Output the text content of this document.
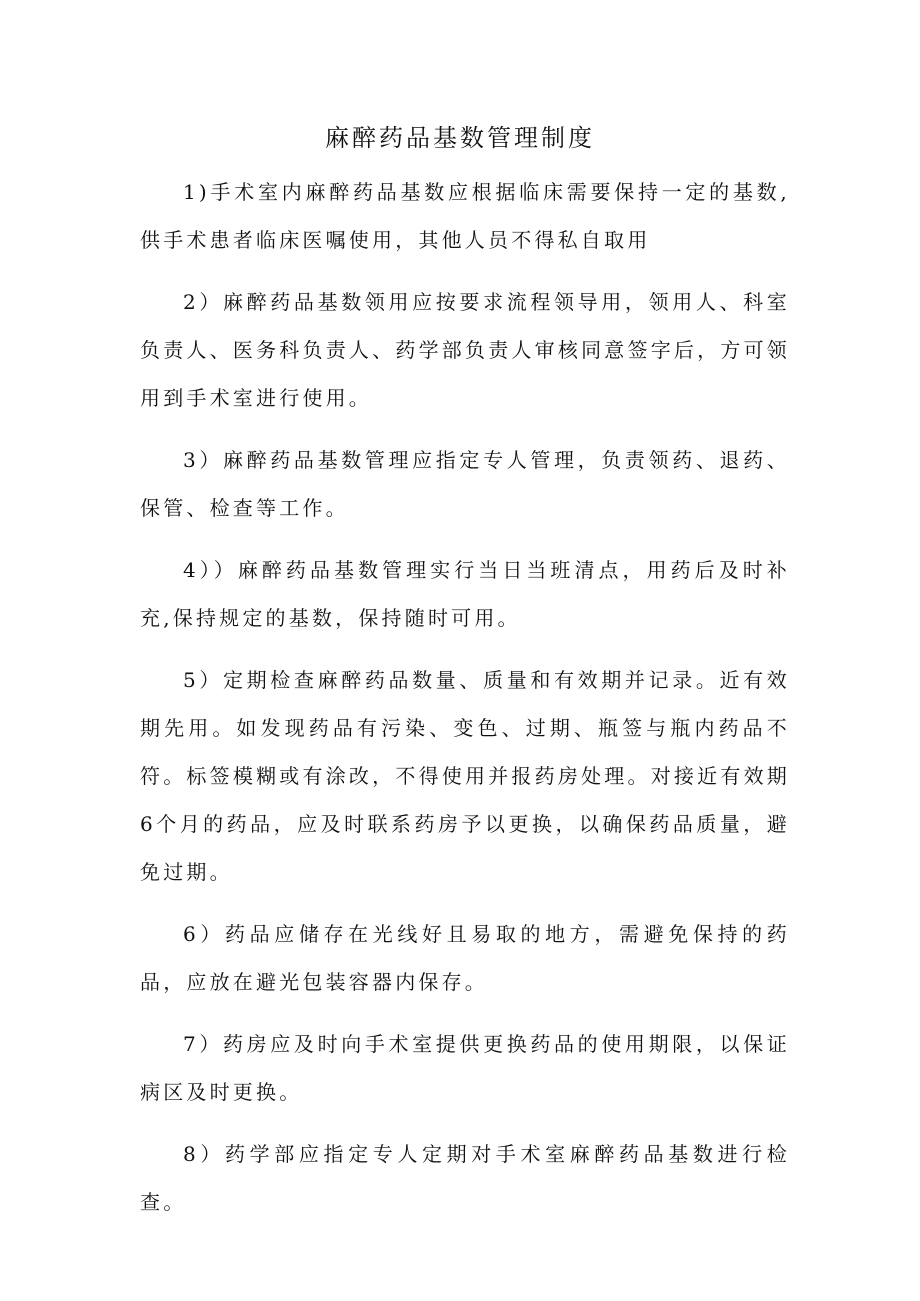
麻醉药品基数管理制度

1)手术室内麻醉药品基数应根据临床需要保持一定的基数,供手术患者临床医嘱使用，其他人员不得私自取用

2）麻醉药品基数领用应按要求流程领导用，领用人、科室负责人、医务科负责人、药学部负责人审核同意签字后，方可领用到手术室进行使用。

3）麻醉药品基数管理应指定专人管理，负责领药、退药、保管、检查等工作。

4））麻醉药品基数管理实行当日当班清点，用药后及时补充,保持规定的基数，保持随时可用。

5）定期检查麻醉药品数量、质量和有效期并记录。近有效期先用。如发现药品有污染、变色、过期、瓶签与瓶内药品不符。标签模糊或有涂改，不得使用并报药房处理。对接近有效期6个月的药品，应及时联系药房予以更换，以确保药品质量，避免过期。

6）药品应储存在光线好且易取的地方，需避免保持的药品，应放在避光包装容器内保存。

7）药房应及时向手术室提供更换药品的使用期限，以保证病区及时更换。

8）药学部应指定专人定期对手术室麻醉药品基数进行检查。
